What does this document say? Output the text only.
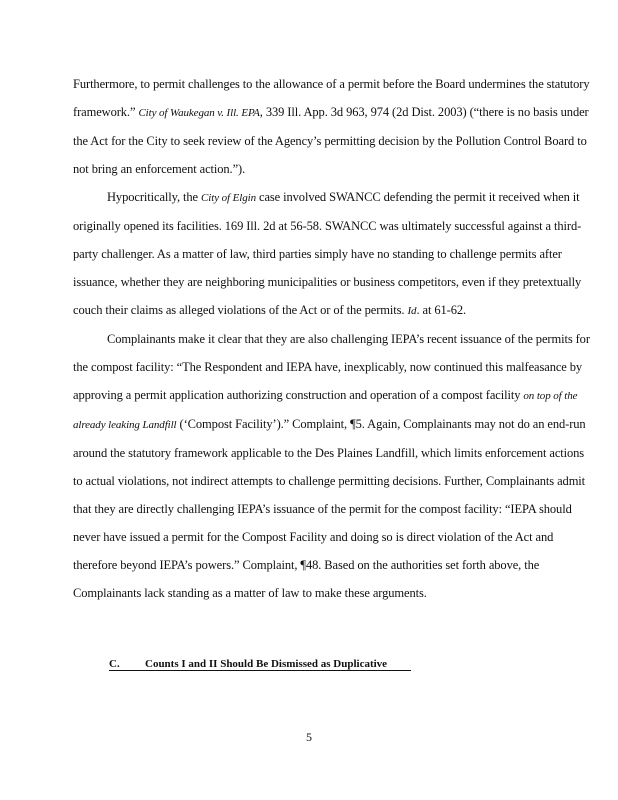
Furthermore, to permit challenges to the allowance of a permit before the Board undermines the statutory framework.” City of Waukegan v. Ill. EPA, 339 Ill. App. 3d 963, 974 (2d Dist. 2003) (“there is no basis under the Act for the City to seek review of the Agency’s permitting decision by the Pollution Control Board to not bring an enforcement action.”).

Hypocritically, the City of Elgin case involved SWANCC defending the permit it received when it originally opened its facilities. 169 Ill. 2d at 56-58. SWANCC was ultimately successful against a third-party challenger. As a matter of law, third parties simply have no standing to challenge permits after issuance, whether they are neighboring municipalities or business competitors, even if they pretextually couch their claims as alleged violations of the Act or of the permits. Id. at 61-62.

Complainants make it clear that they are also challenging IEPA’s recent issuance of the permits for the compost facility: “The Respondent and IEPA have, inexplicably, now continued this malfeasance by approving a permit application authorizing construction and operation of a compost facility on top of the already leaking Landfill (‘Compost Facility’).” Complaint, ¶5. Again, Complainants may not do an end-run around the statutory framework applicable to the Des Plaines Landfill, which limits enforcement actions to actual violations, not indirect attempts to challenge permitting decisions. Further, Complainants admit that they are directly challenging IEPA’s issuance of the permit for the compost facility: “IEPA should never have issued a permit for the Compost Facility and doing so is direct violation of the Act and therefore beyond IEPA’s powers.” Complaint, ¶48. Based on the authorities set forth above, the Complainants lack standing as a matter of law to make these arguments.

C. Counts I and II Should Be Dismissed as Duplicative
5
